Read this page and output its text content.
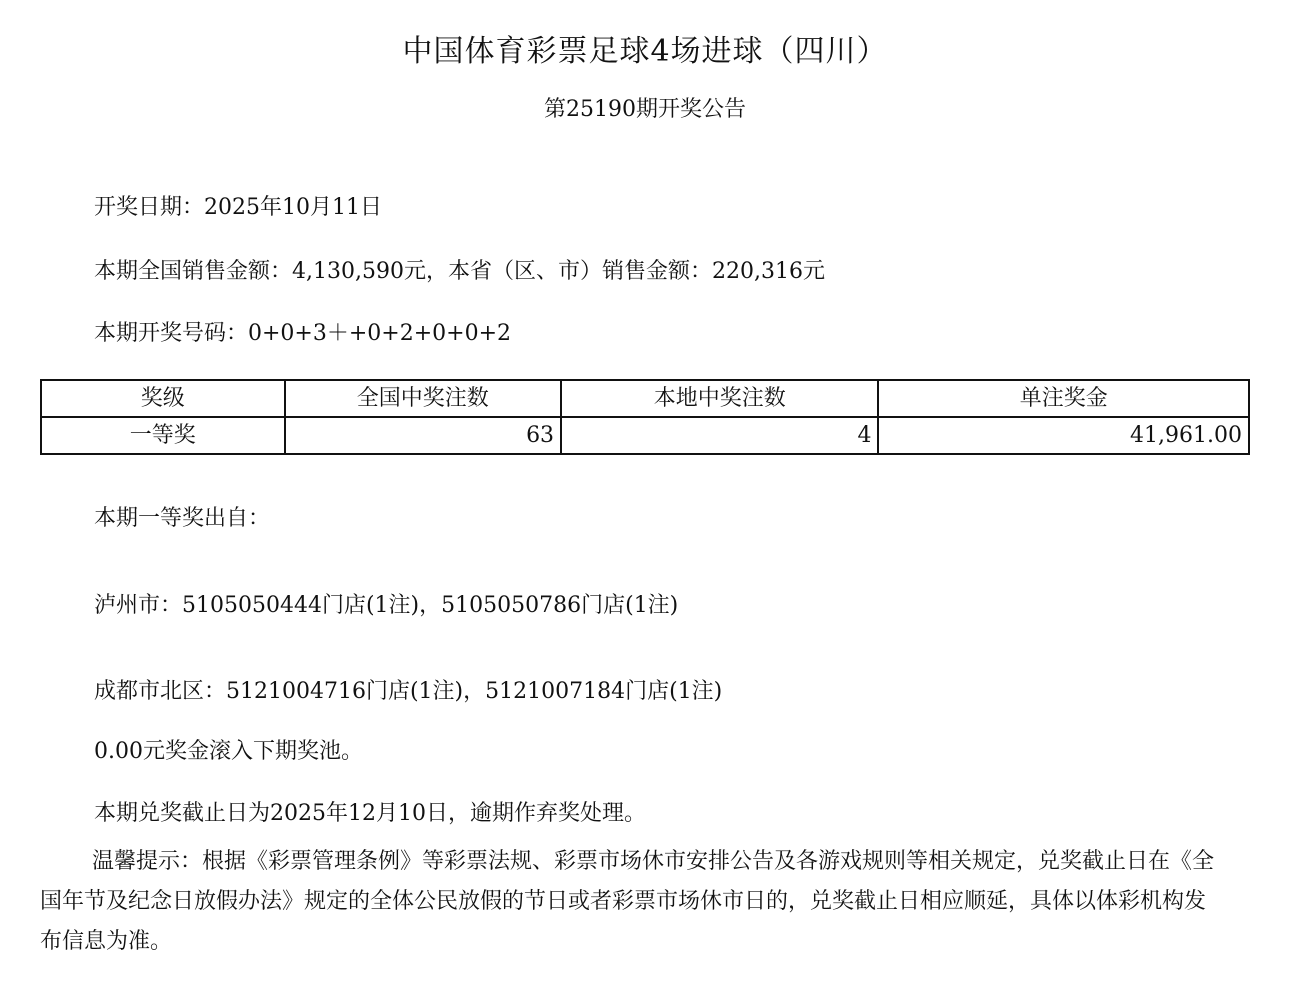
中国体育彩票足球4场进球（四川）
第25190期开奖公告
开奖日期：2025年10月11日
本期全国销售金额：4,130,590元，本省（区、市）销售金额：220,316元
本期开奖号码：0+0+3＋+0+2+0+0+2
奖级	全国中奖注数	本地中奖注数	单注奖金
一等奖	63	4	41,961.00
本期一等奖出自：
泸州市：5105050444门店(1注)，5105050786门店(1注)
成都市北区：5121004716门店(1注)，5121007184门店(1注)
0.00元奖金滚入下期奖池。
本期兑奖截止日为2025年12月10日，逾期作弃奖处理。
温馨提示：根据《彩票管理条例》等彩票法规、彩票市场休市安排公告及各游戏规则等相关规定，兑奖截止日在《全国年节及纪念日放假办法》规定的全体公民放假的节日或者彩票市场休市日的，兑奖截止日相应顺延，具体以体彩机构发布信息为准。
